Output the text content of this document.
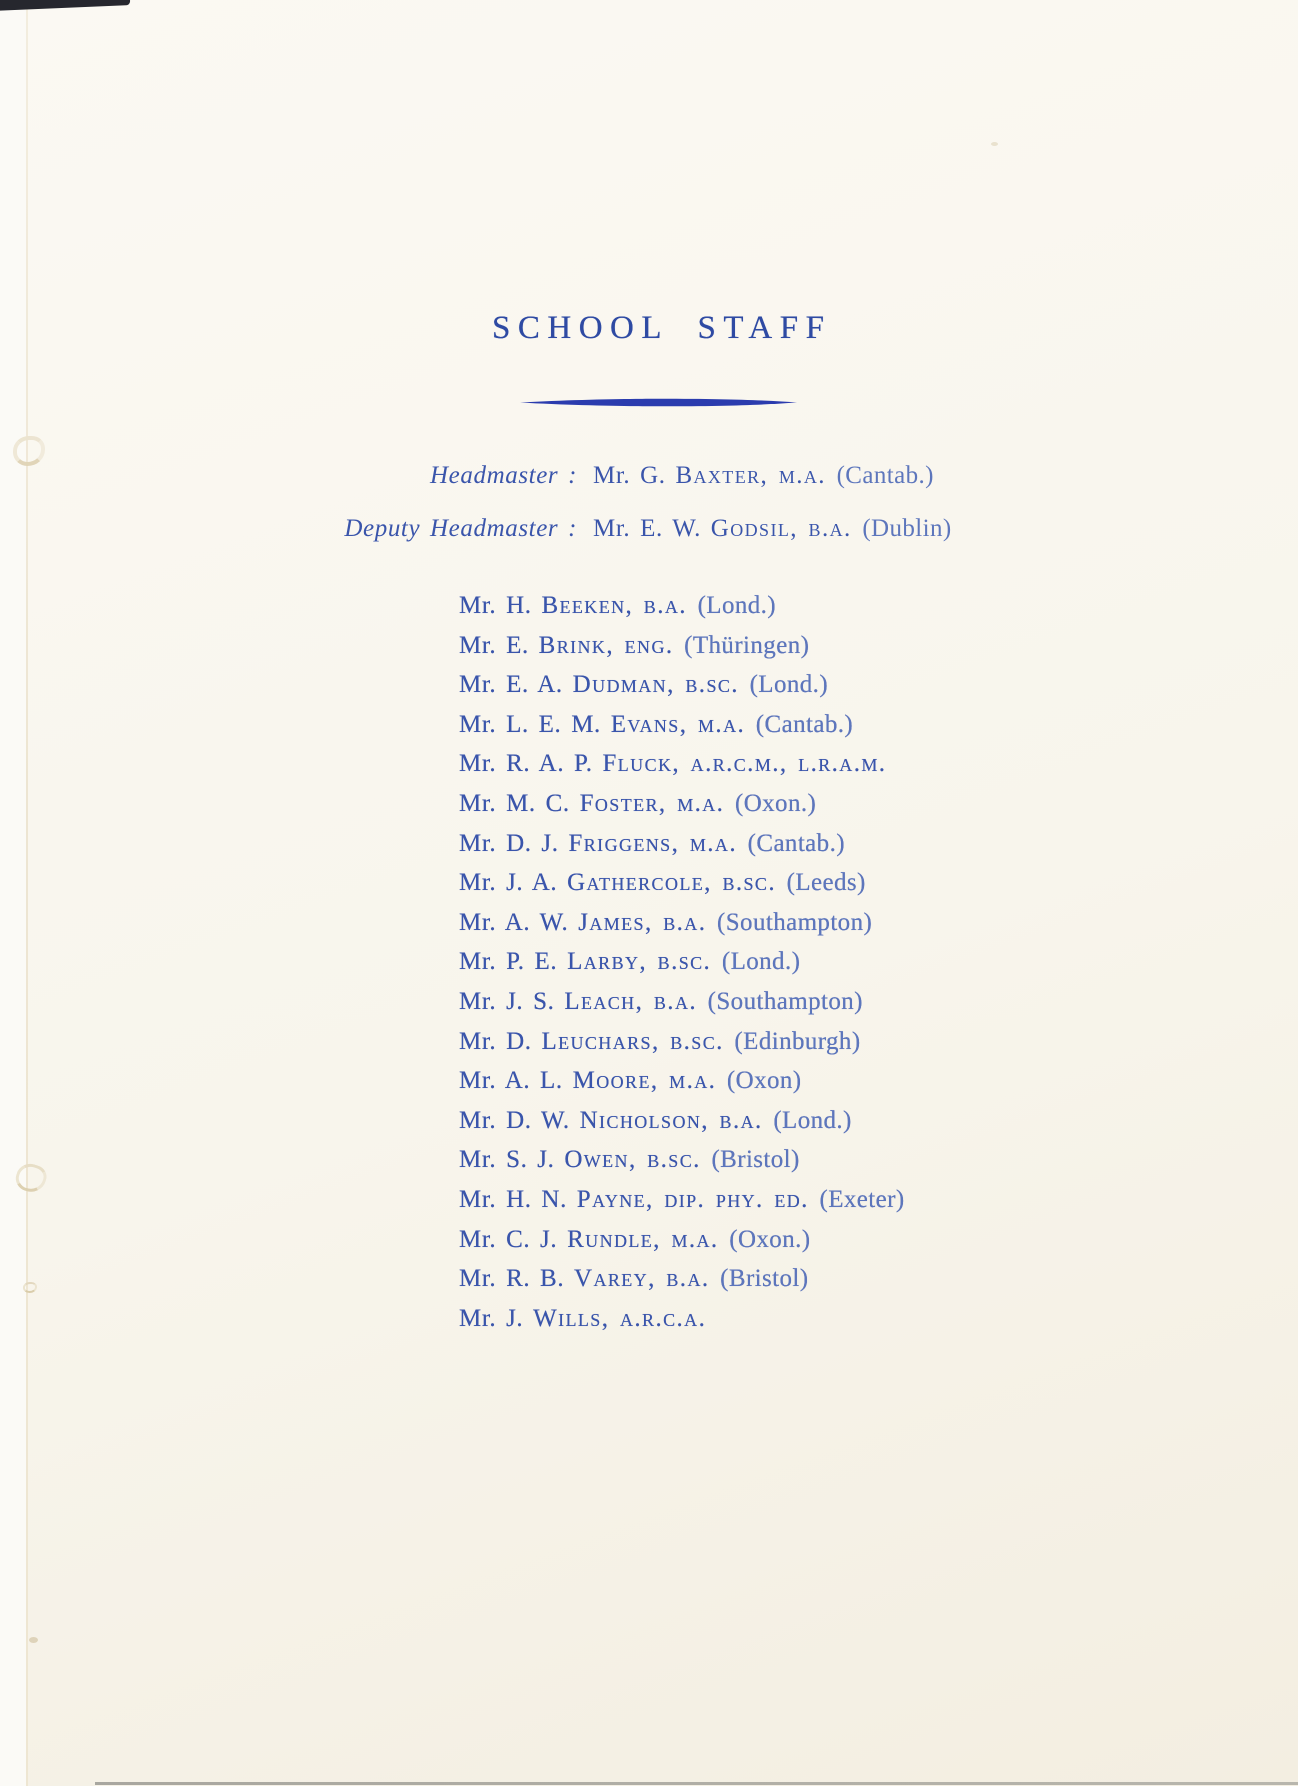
SCHOOL STAFF
Headmaster : Mr. G. Baxter, m.a. (Cantab.)
Deputy Headmaster : Mr. E. W. Godsil, b.a. (Dublin)
Mr. H. Beeken, b.a. (Lond.)
Mr. E. Brink, eng. (Thüringen)
Mr. E. A. Dudman, b.sc. (Lond.)
Mr. L. E. M. Evans, m.a. (Cantab.)
Mr. R. A. P. Fluck, a.r.c.m., l.r.a.m.
Mr. M. C. Foster, m.a. (Oxon.)
Mr. D. J. Friggens, m.a. (Cantab.)
Mr. J. A. Gathercole, b.sc. (Leeds)
Mr. A. W. James, b.a. (Southampton)
Mr. P. E. Larby, b.sc. (Lond.)
Mr. J. S. Leach, b.a. (Southampton)
Mr. D. Leuchars, b.sc. (Edinburgh)
Mr. A. L. Moore, m.a. (Oxon)
Mr. D. W. Nicholson, b.a. (Lond.)
Mr. S. J. Owen, b.sc. (Bristol)
Mr. H. N. Payne, dip. phy. ed. (Exeter)
Mr. C. J. Rundle, m.a. (Oxon.)
Mr. R. B. Varey, b.a. (Bristol)
Mr. J. Wills, a.r.c.a.
